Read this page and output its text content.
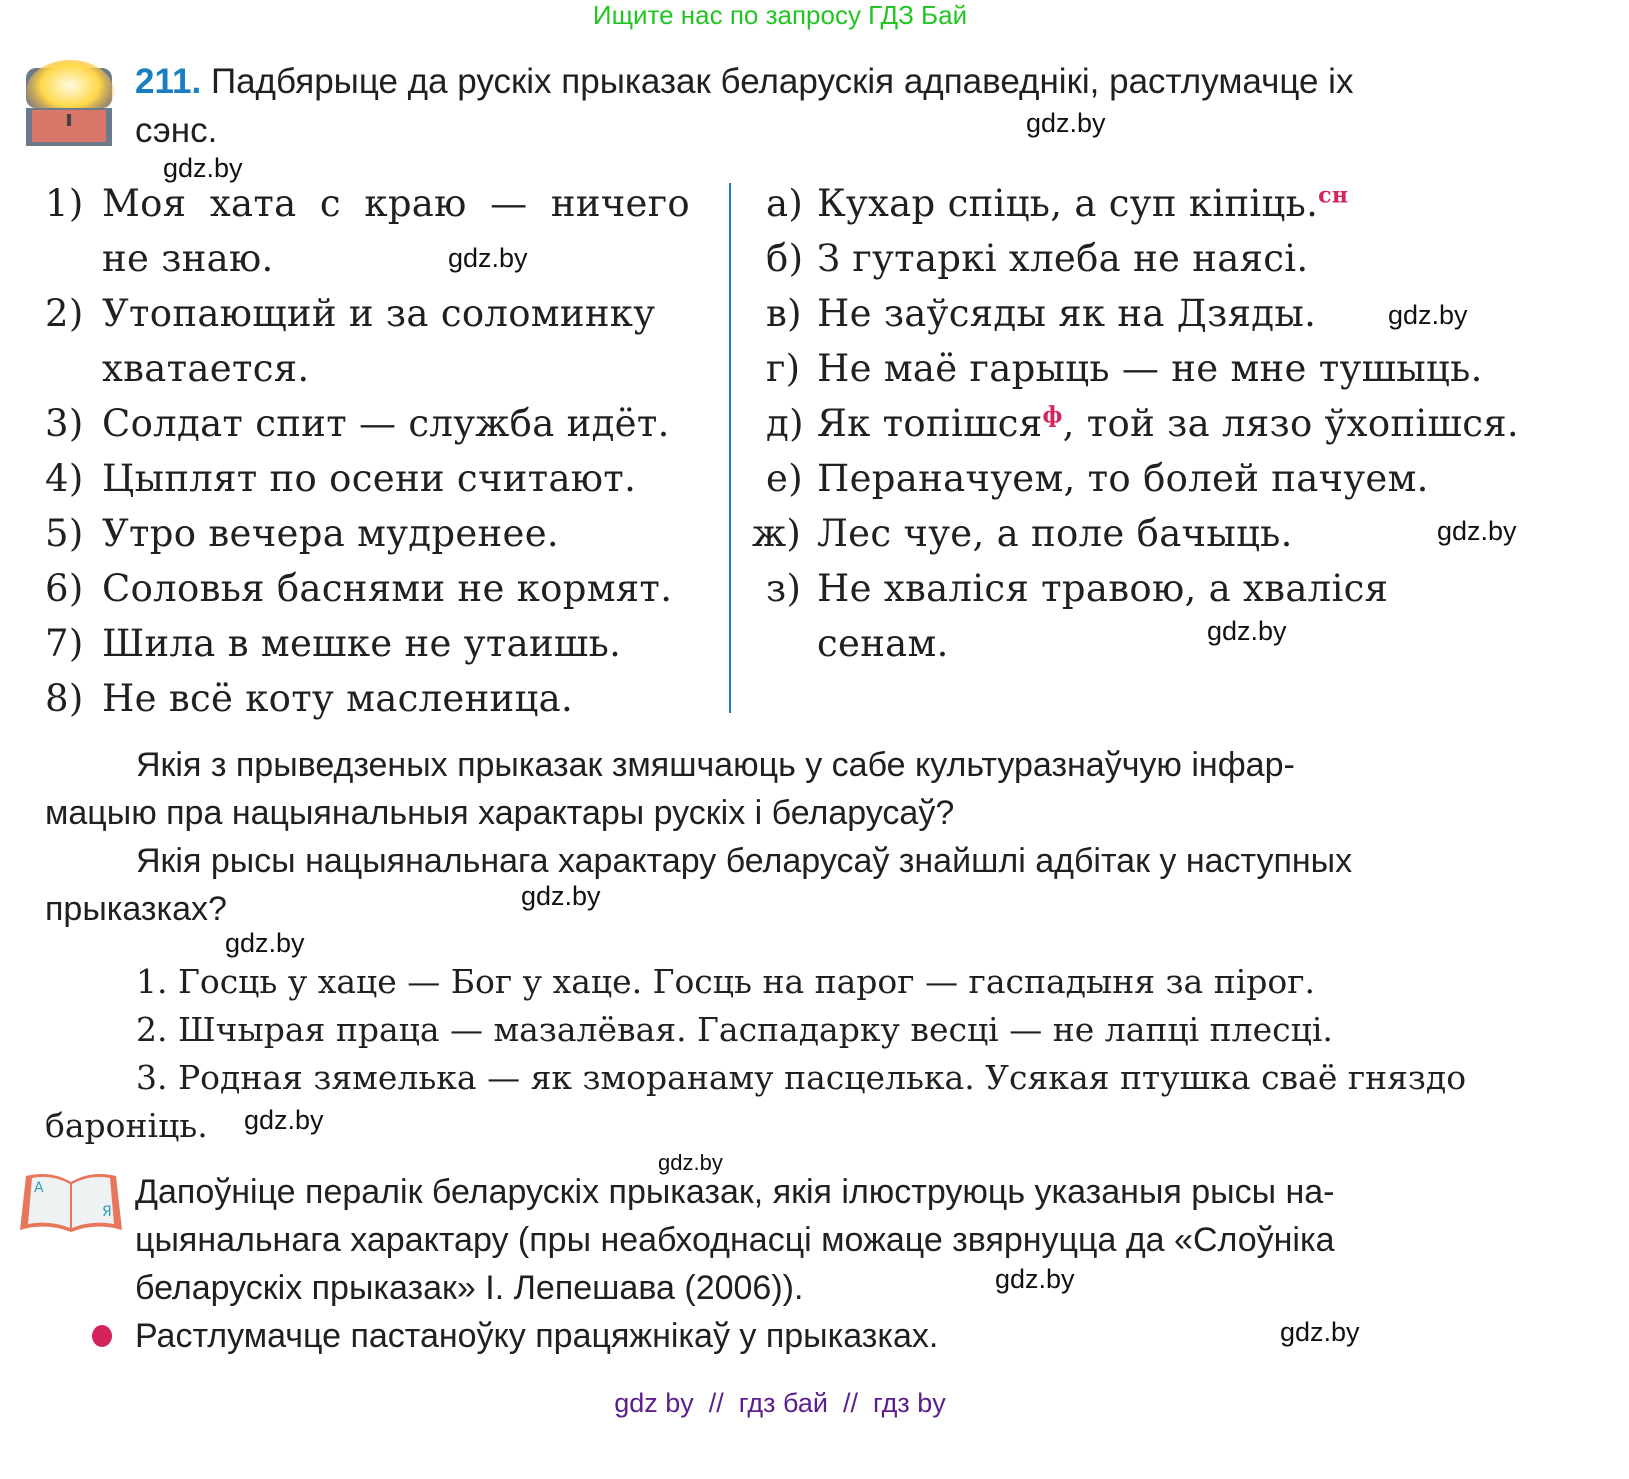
Ищите нас по запросу ГДЗ Бай
211. Падбярыце да рускіх прыказак беларускія адпаведнікі, растлумачце іх
сэнс.
1) Моя хата с краю — ничего
не знаю.
2) Утопающий и за соломинку
хватается.
3) Солдат спит — служба идёт.
4) Цыплят по осени считают.
5) Утро вечера мудренее.
6) Соловья баснями не кормят.
7) Шила в мешке не утаишь.
8) Не всё коту масленица.
а) Кухар спіць, а суп кіпіць.$^{сн}$
б) З гутаркі хлеба не наясі.
в) Не заўсяды як на Дзяды.
г) Не маё гарыць — не мне тушыць.
д) Як топішся$^ф$, той за лязо ўхопішся.
е) Пераначуем, то болей пачуем.
ж) Лес чуе, а поле бачыць.
з) Не хваліся травою, а хваліся
сенам.
Якія з прыведзеных прыказак змяшчаюць у сабе культуразнаўчую інфар-
мацыю пра нацыянальныя характары рускіх і беларусаў?
Якія рысы нацыянальнага характару беларусаў знайшлі адбітак у наступных
прыказках?
1. Госць у хаце — Бог у хаце. Госць на парог — гаспадыня за пірог.
2. Шчырая праца — мазалёвая. Гаспадарку весці — не лапці плесці.
3. Родная зямелька — як зморанаму пасцелька. Усякая птушка сваё гняздо
бароніць.
А
Я
Дапоўніце пералік беларускіх прыказак, якія ілюструюць указаныя рысы на-
цыянальнага характару (пры неабходнасці можаце звярнуцца да «Слоўніка
беларускіх прыказак» І. Лепешава (2006)).
Растлумачце пастаноўку працяжнікаў у прыказках.
gdz.by
gdz.by
gdz.by
gdz.by
gdz.by
gdz.by
gdz.by
gdz.by
gdz.by
gdz.by
gdz.by
gdz.by
gdz by  //  гдз бай  //  гдз by
